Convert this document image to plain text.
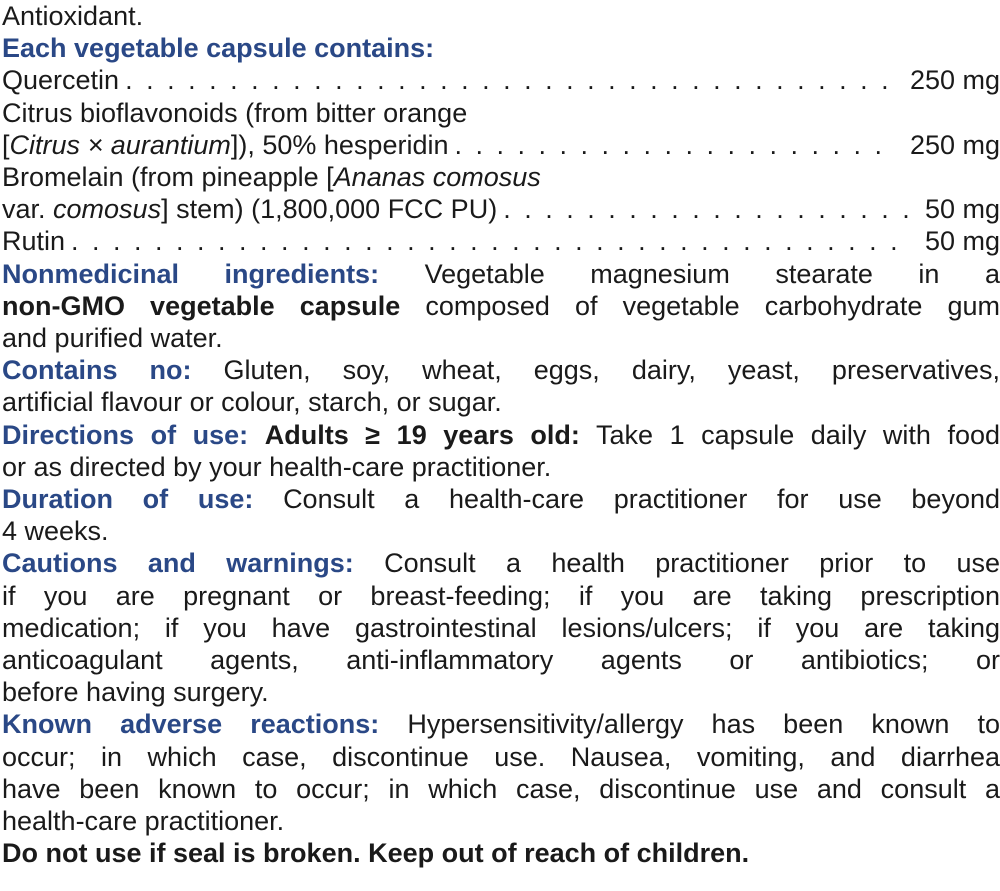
Antioxidant.
Each vegetable capsule contains:
Quercetin . . .	250 mg
Citrus bioflavonoids (from bitter orange
[Citrus × aurantium]), 50% hesperidin . . .	250 mg
Bromelain (from pineapple [Ananas comosus
var. comosus] stem) (1,800,000 FCC PU) . . .	50 mg
Rutin . . .	50 mg
Nonmedicinal ingredients: Vegetable magnesium stearate in a
non-GMO vegetable capsule composed of vegetable carbohydrate gum
and purified water.
Contains no: Gluten, soy, wheat, eggs, dairy, yeast, preservatives,
artificial flavour or colour, starch, or sugar.
Directions of use: Adults ≥ 19 years old: Take 1 capsule daily with food
or as directed by your health-care practitioner.
Duration of use: Consult a health-care practitioner for use beyond
4 weeks.
Cautions and warnings: Consult a health practitioner prior to use
if you are pregnant or breast-feeding; if you are taking prescription
medication; if you have gastrointestinal lesions/ulcers; if you are taking
anticoagulant agents, anti-inflammatory agents or antibiotics; or
before having surgery.
Known adverse reactions: Hypersensitivity/allergy has been known to
occur; in which case, discontinue use. Nausea, vomiting, and diarrhea
have been known to occur; in which case, discontinue use and consult a
health-care practitioner.
Do not use if seal is broken. Keep out of reach of children.
